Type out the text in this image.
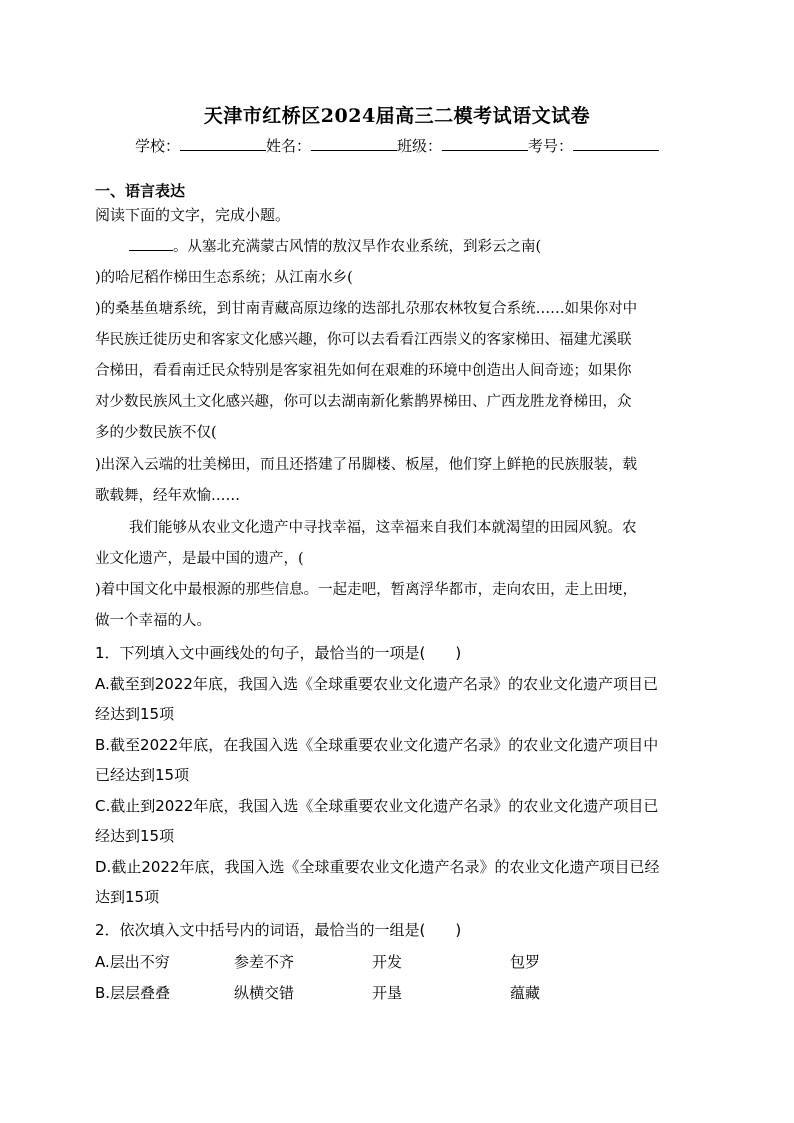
天津市红桥区2024届高三二模考试语文试卷
学校：	姓名：	班级：	考号：
一、语言表达
阅读下面的文字，完成小题。
。从塞北充满蒙古风情的敖汉旱作农业系统，到彩云之南(
)的哈尼稻作梯田生态系统；从江南水乡(
)的桑基鱼塘系统，到甘南青藏高原边缘的迭部扎尕那农林牧复合系统……如果你对中
华民族迁徙历史和客家文化感兴趣，你可以去看看江西崇义的客家梯田、福建尤溪联
合梯田，看看南迁民众特别是客家祖先如何在艰难的环境中创造出人间奇迹；如果你
对少数民族风土文化感兴趣，你可以去湖南新化紫鹊界梯田、广西龙胜龙脊梯田，众
多的少数民族不仅(
)出深入云端的壮美梯田，而且还搭建了吊脚楼、板屋，他们穿上鲜艳的民族服装，载
歌载舞，经年欢愉……
我们能够从农业文化遗产中寻找幸福，这幸福来自我们本就渴望的田园风貌。农
业文化遗产，是最中国的遗产，(
)着中国文化中最根源的那些信息。一起走吧，暂离浮华都市，走向农田，走上田埂，
做一个幸福的人。
1．下列填入文中画线处的句子，最恰当的一项是(　　)
A.截至到2022年底，我国入选《全球重要农业文化遗产名录》的农业文化遗产项目已
经达到15项
B.截至2022年底，在我国入选《全球重要农业文化遗产名录》的农业文化遗产项目中
已经达到15项
C.截止到2022年底，我国入选《全球重要农业文化遗产名录》的农业文化遗产项目已
经达到15项
D.截止2022年底，我国入选《全球重要农业文化遗产名录》的农业文化遗产项目已经
达到15项
2．依次填入文中括号内的词语，最恰当的一组是(　　)
A.层出不穷	参差不齐	开发	包罗
B.层层叠叠	纵横交错	开垦	蕴藏
